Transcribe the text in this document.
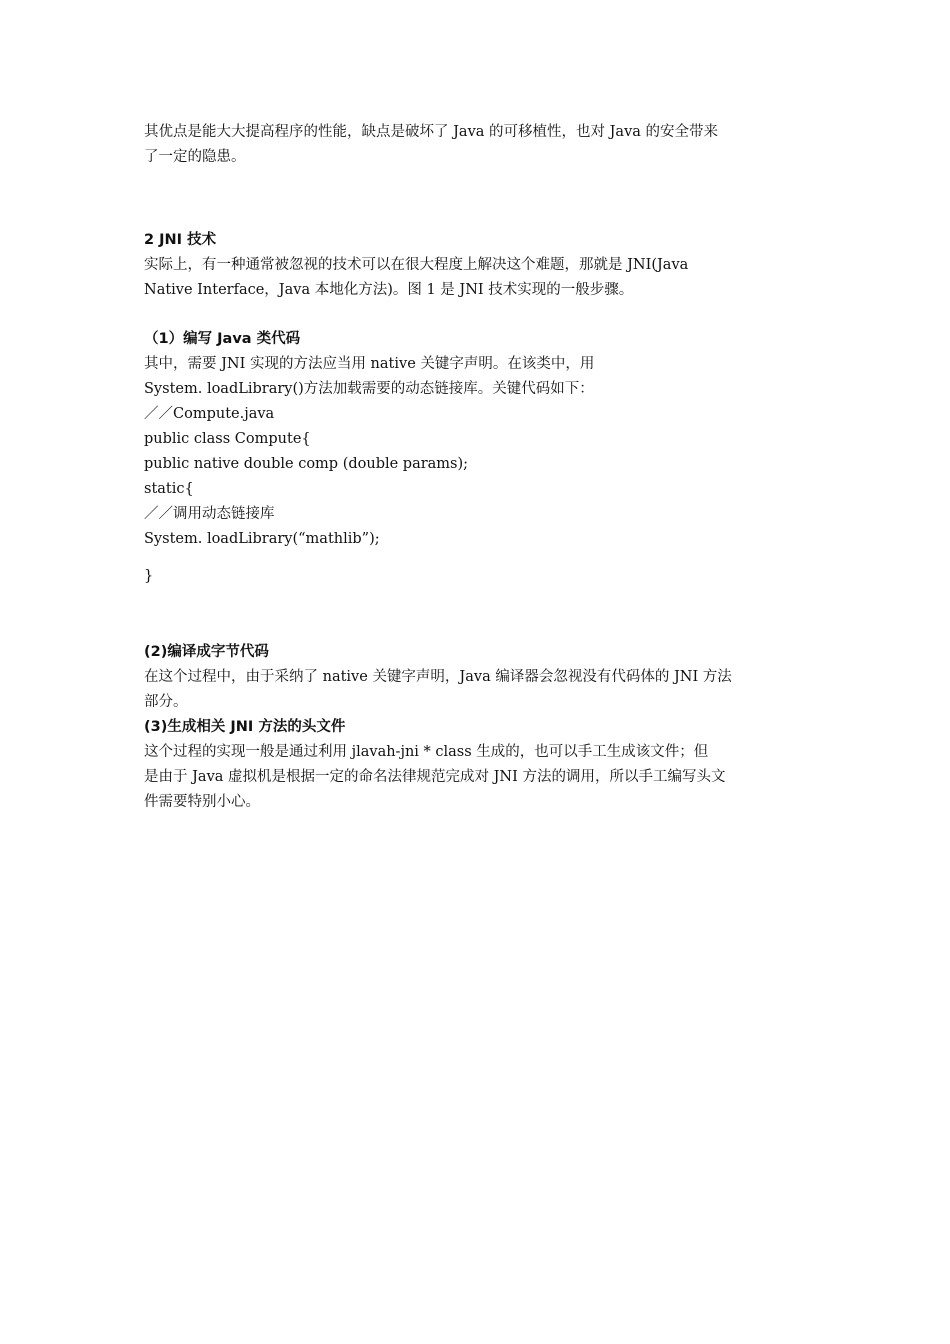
其优点是能大大提高程序的性能，缺点是破坏了 Java 的可移植性，也对 Java 的安全带来

了一定的隐患。

2 JNI 技术

实际上，有一种通常被忽视的技术可以在很大程度上解决这个难题，那就是 JNI(Java

Native Interface，Java 本地化方法)。图 1 是 JNI 技术实现的一般步骤。

（1）编写 Java 类代码

其中，需要 JNI 实现的方法应当用 native 关键字声明。在该类中，用

System. loadLibrary()方法加载需要的动态链接库。关键代码如下：

／／Compute.java

public class Compute{

public native double comp (double params);

static{

／／调用动态链接库

System. loadLibrary(“mathlib”);

}

(2)编译成字节代码

在这个过程中，由于采纳了 native 关键字声明，Java 编译器会忽视没有代码体的 JNI 方法

部分。

(3)生成相关 JNI 方法的头文件

这个过程的实现一般是通过利用 jlavah-jni * class 生成的，也可以手工生成该文件；但

是由于 Java 虚拟机是根据一定的命名法律规范完成对 JNI 方法的调用，所以手工编写头文

件需要特别小心。
